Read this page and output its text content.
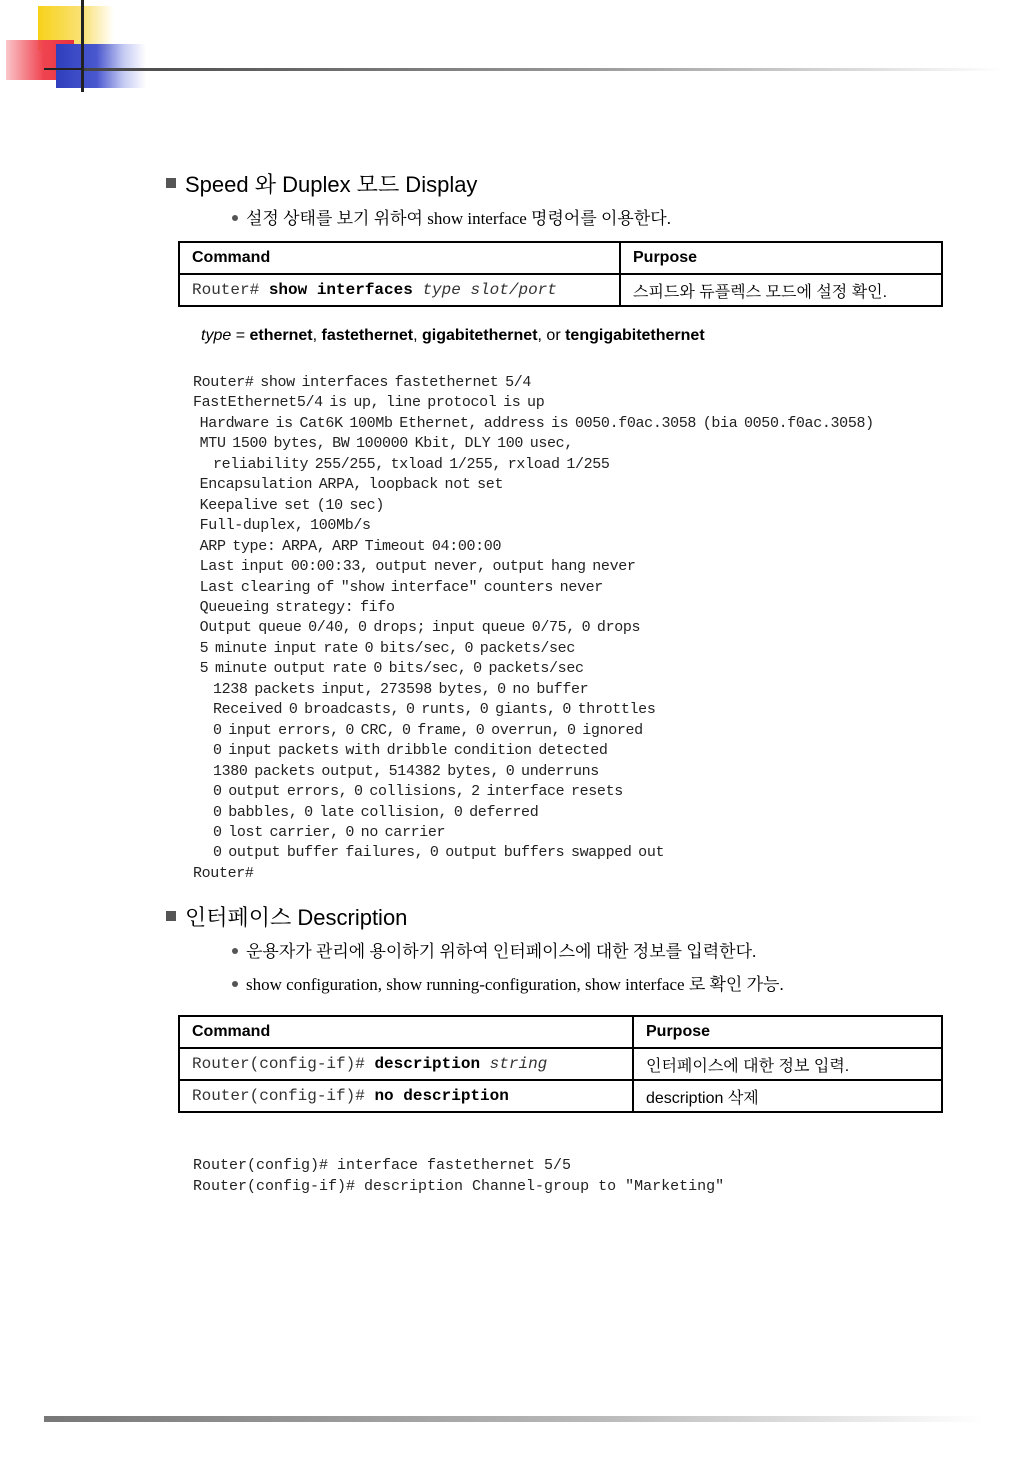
Speed 와 Duplex 모드 Display
설정 상태를 보기 위하여 show interface 명령어를 이용한다.
Command	Purpose
Router# show interfaces type slot/port	스피드와 듀플렉스 모드에 설정 확인.
type = ethernet, fastethernet, gigabitethernet, or tengigabitethernet
Router# show interfaces fastethernet 5/4
FastEthernet5/4 is up, line protocol is up
Hardware is Cat6K 100Mb Ethernet, address is 0050.f0ac.3058 (bia 0050.f0ac.3058)
MTU 1500 bytes, BW 100000 Kbit, DLY 100 usec,
reliability 255/255, txload 1/255, rxload 1/255
Encapsulation ARPA, loopback not set
Keepalive set (10 sec)
Full-duplex, 100Mb/s
ARP type: ARPA, ARP Timeout 04:00:00
Last input 00:00:33, output never, output hang never
Last clearing of "show interface" counters never
Queueing strategy: fifo
Output queue 0/40, 0 drops; input queue 0/75, 0 drops
5 minute input rate 0 bits/sec, 0 packets/sec
5 minute output rate 0 bits/sec, 0 packets/sec
1238 packets input, 273598 bytes, 0 no buffer
Received 0 broadcasts, 0 runts, 0 giants, 0 throttles
0 input errors, 0 CRC, 0 frame, 0 overrun, 0 ignored
0 input packets with dribble condition detected
1380 packets output, 514382 bytes, 0 underruns
0 output errors, 0 collisions, 2 interface resets
0 babbles, 0 late collision, 0 deferred
0 lost carrier, 0 no carrier
0 output buffer failures, 0 output buffers swapped out
Router#
인터페이스 Description
운용자가 관리에 용이하기 위하여 인터페이스에 대한 정보를 입력한다.
show configuration, show running-configuration, show interface 로 확인 가능.
Command	Purpose
Router(config-if)# description string	인터페이스에 대한 정보 입력.
Router(config-if)# no description	description 삭제
Router(config)# interface fastethernet 5/5
Router(config-if)# description Channel-group to "Marketing"
